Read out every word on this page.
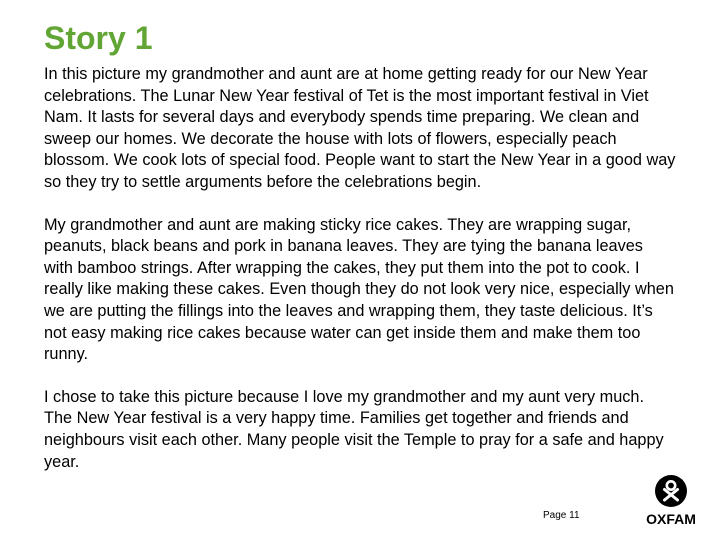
Story 1

In this picture my grandmother and aunt are at home getting ready for our New Year celebrations. The Lunar New Year festival of Tet is the most important festival in Viet Nam. It lasts for several days and everybody spends time preparing. We clean and sweep our homes. We decorate the house with lots of flowers, especially peach blossom. We cook lots of special food. People want to start the New Year in a good way so they try to settle arguments before the celebrations begin.

My grandmother and aunt are making sticky rice cakes. They are wrapping sugar, peanuts, black beans and pork in banana leaves. They are tying the banana leaves with bamboo strings. After wrapping the cakes, they put them into the pot to cook. I really like making these cakes. Even though they do not look very nice, especially when we are putting the fillings into the leaves and wrapping them, they taste delicious. It’s not easy making rice cakes because water can get inside them and make them too runny.

I chose to take this picture because I love my grandmother and my aunt very much. The New Year festival is a very happy time. Families get together and friends and neighbours visit each other. Many people visit the Temple to pray for a safe and happy year.

Page 11	OXFAM
